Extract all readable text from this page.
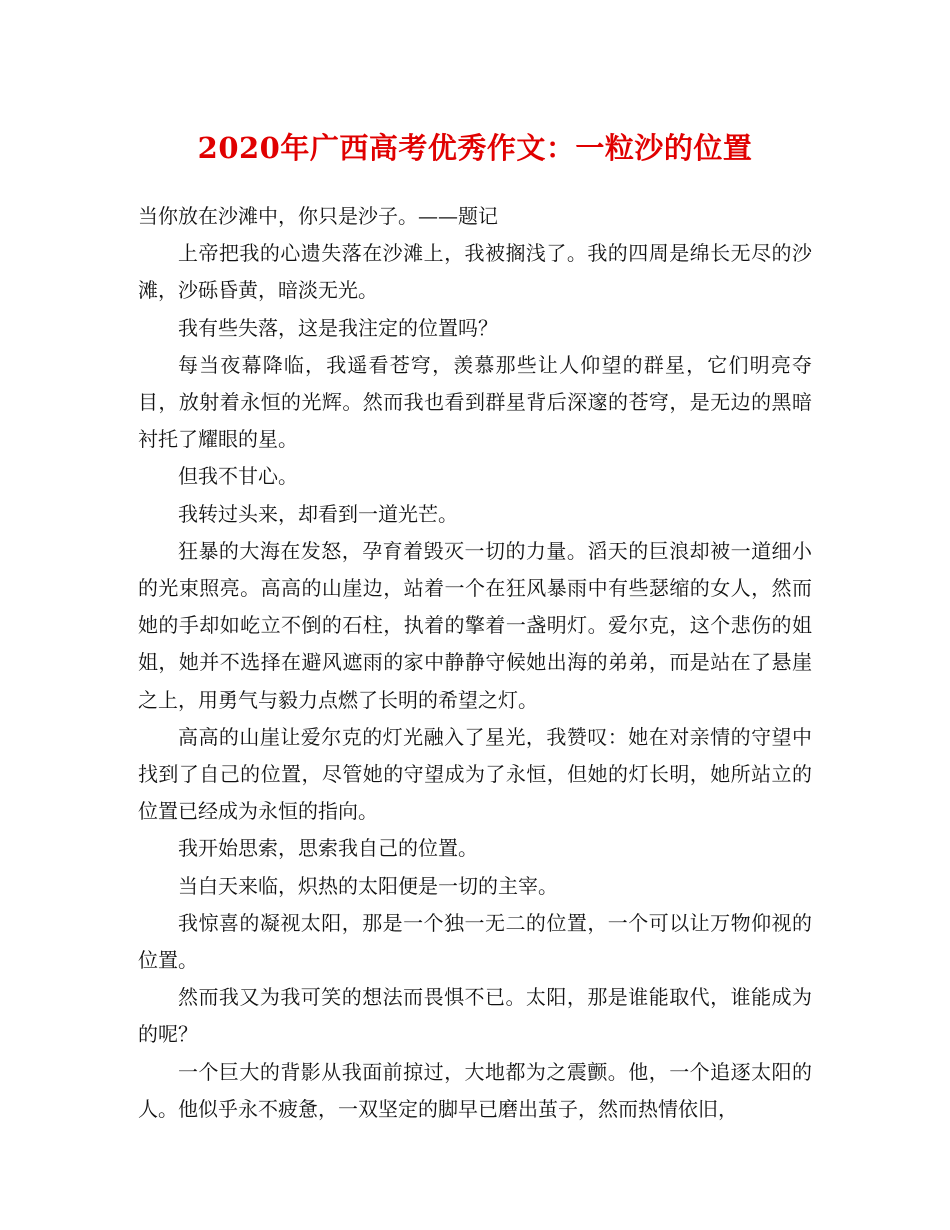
2020年广西高考优秀作文：一粒沙的位置

当你放在沙滩中，你只是沙子。——题记

上帝把我的心遗失落在沙滩上，我被搁浅了。我的四周是绵长无尽的沙滩，沙砾昏黄，暗淡无光。

我有些失落，这是我注定的位置吗？

每当夜幕降临，我遥看苍穹，羡慕那些让人仰望的群星，它们明亮夺目，放射着永恒的光辉。然而我也看到群星背后深邃的苍穹，是无边的黑暗衬托了耀眼的星。

但我不甘心。

我转过头来，却看到一道光芒。

狂暴的大海在发怒，孕育着毁灭一切的力量。滔天的巨浪却被一道细小的光束照亮。高高的山崖边，站着一个在狂风暴雨中有些瑟缩的女人，然而她的手却如屹立不倒的石柱，执着的擎着一盏明灯。爱尔克，这个悲伤的姐姐，她并不选择在避风遮雨的家中静静守候她出海的弟弟，而是站在了悬崖之上，用勇气与毅力点燃了长明的希望之灯。

高高的山崖让爱尔克的灯光融入了星光，我赞叹：她在对亲情的守望中找到了自己的位置，尽管她的守望成为了永恒，但她的灯长明，她所站立的位置已经成为永恒的指向。

我开始思索，思索我自己的位置。

当白天来临，炽热的太阳便是一切的主宰。

我惊喜的凝视太阳，那是一个独一无二的位置，一个可以让万物仰视的位置。

然而我又为我可笑的想法而畏惧不已。太阳，那是谁能取代，谁能成为的呢？

一个巨大的背影从我面前掠过，大地都为之震颤。他，一个追逐太阳的人。他似乎永不疲惫，一双坚定的脚早已磨出茧子，然而热情依旧，
